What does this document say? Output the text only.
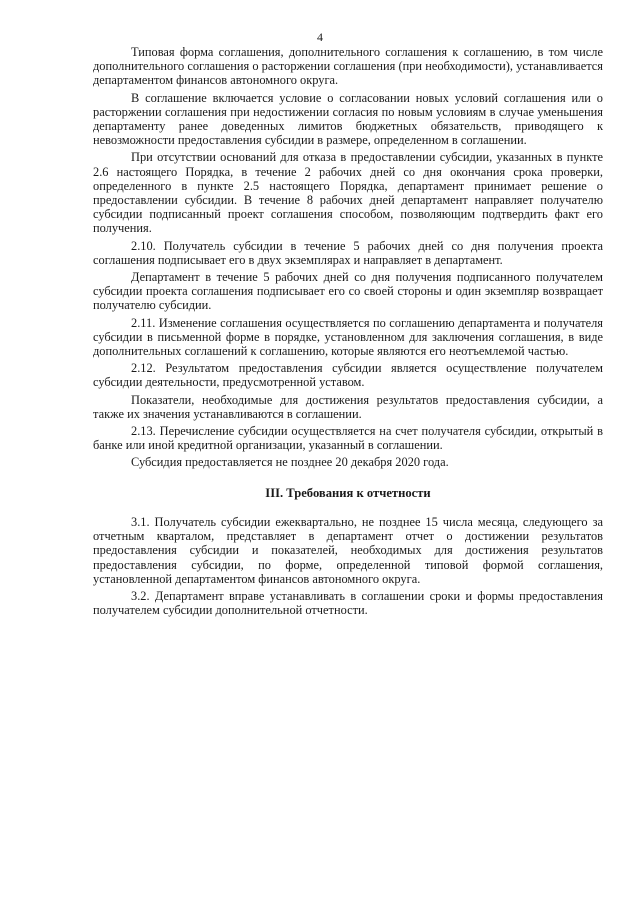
4

Типовая форма соглашения, дополнительного соглашения к соглашению, в том числе дополнительного соглашения о расторжении соглашения (при необходимости), устанавливается департаментом финансов автономного округа.

В соглашение включается условие о согласовании новых условий соглашения или о расторжении соглашения при недостижении согласия по новым условиям в случае уменьшения департаменту ранее доведенных лимитов бюджетных обязательств, приводящего к невозможности предоставления субсидии в размере, определенном в соглашении.

При отсутствии оснований для отказа в предоставлении субсидии, указанных в пункте 2.6 настоящего Порядка, в течение 2 рабочих дней со дня окончания срока проверки, определенного в пункте 2.5 настоящего Порядка, департамент принимает решение о предоставлении субсидии. В течение 8 рабочих дней департамент направляет получателю субсидии подписанный проект соглашения способом, позволяющим подтвердить факт его получения.

2.10. Получатель субсидии в течение 5 рабочих дней со дня получения проекта соглашения подписывает его в двух экземплярах и направляет в департамент.

Департамент в течение 5 рабочих дней со дня получения подписанного получателем субсидии проекта соглашения подписывает его со своей стороны и один экземпляр возвращает получателю субсидии.

2.11. Изменение соглашения осуществляется по соглашению департамента и получателя субсидии в письменной форме в порядке, установленном для заключения соглашения, в виде дополнительных соглашений к соглашению, которые являются его неотъемлемой частью.

2.12. Результатом предоставления субсидии является осуществление получателем субсидии деятельности, предусмотренной уставом.

Показатели, необходимые для достижения результатов предоставления субсидии, а также их значения устанавливаются в соглашении.

2.13. Перечисление субсидии осуществляется на счет получателя субсидии, открытый в банке или иной кредитной организации, указанный в соглашении.

Субсидия предоставляется не позднее 20 декабря 2020 года.

III. Требования к отчетности

3.1. Получатель субсидии ежеквартально, не позднее 15 числа месяца, следующего за отчетным кварталом, представляет в департамент отчет о достижении результатов предоставления субсидии и показателей, необходимых для достижения результатов предоставления субсидии, по форме, определенной типовой формой соглашения, установленной департаментом финансов автономного округа.

3.2. Департамент вправе устанавливать в соглашении сроки и формы предоставления получателем субсидии дополнительной отчетности.
